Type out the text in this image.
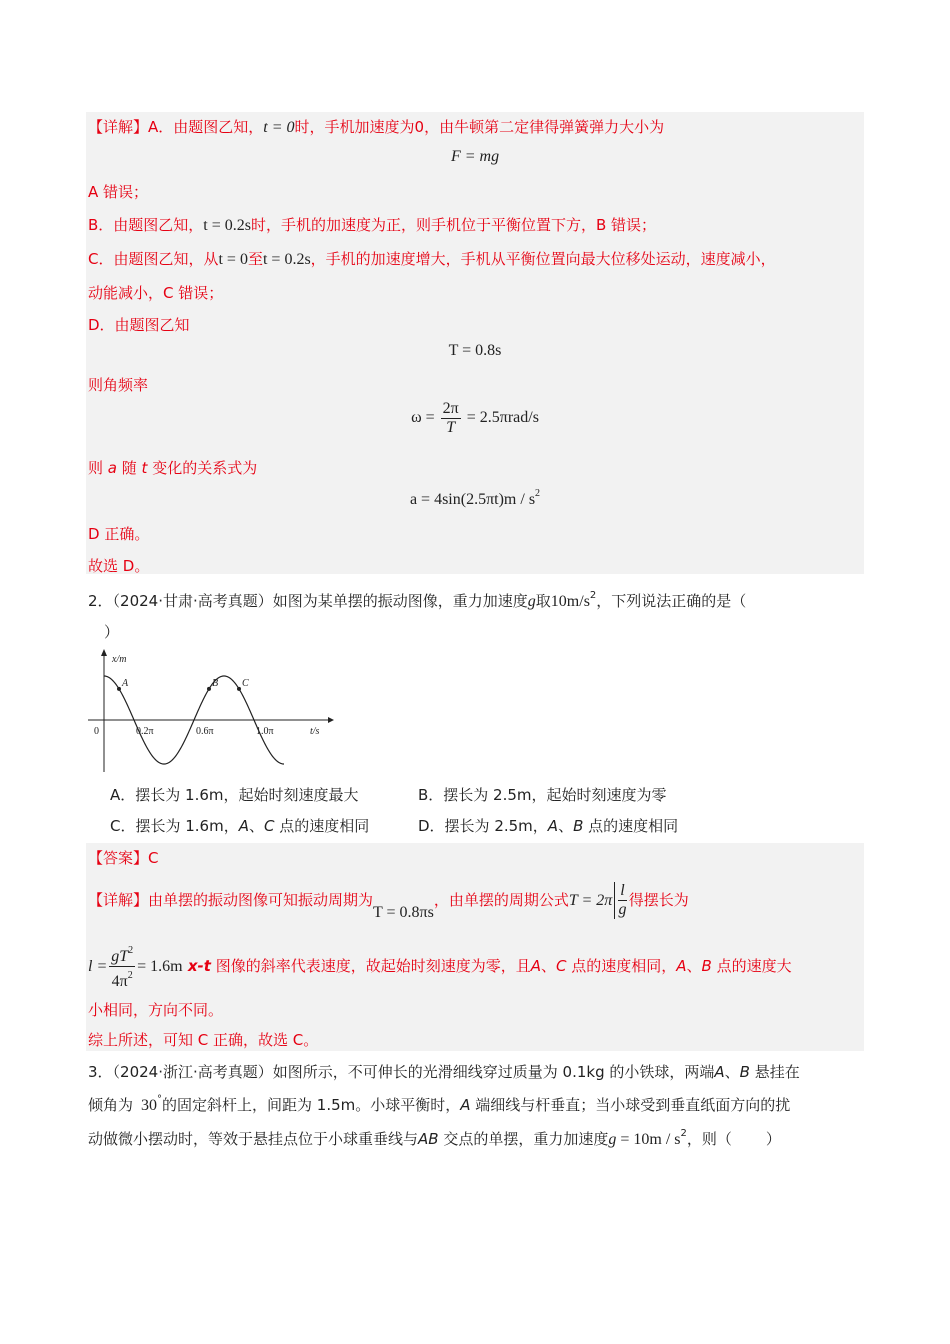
【详解】A．由题图乙知，t = 0时，手机加速度为0，由牛顿第二定律得弹簧弹力大小为
F = mg
A 错误；
B．由题图乙知，t = 0.2s时，手机的加速度为正，则手机位于平衡位置下方，B 错误；
C．由题图乙知，从t = 0至t = 0.2s，手机的加速度增大，手机从平衡位置向最大位移处运动，速度减小，
动能减小，C 错误；
D．由题图乙知
T = 0.8s
则角频率
$\omega = \frac{2\pi}{T} = 2.5\pi rad/s$
则 a 随 t 变化的关系式为
$a = 4\sin(2.5\pi t)m / s^2$
D 正确。
故选 D。
2．（2024·甘肃·高考真题）如图为某单摆的振动图像，重力加速度g取$10m/s^2$，下列说法正确的是（
）
x/m
t/s
0	0.2π	0.6π	1.0π
A	B C
A．摆长为 1.6m，起始时刻速度最大	B．摆长为 2.5m，起始时刻速度为零
C．摆长为 1.6m，A、C 点的速度相同	D．摆长为 2.5m，A、B 点的速度相同
【答案】C
【详解】由单摆的振动图像可知振动周期为T = 0.8πs，由单摆的周期公式$T = 2\pi \frac{l}{g}$ 得摆长为
$l = \frac{gT^2}{4\pi^2} = 1.6m$ x-t 图像的斜率代表速度，故起始时刻速度为零，且A、C 点的速度相同，A、B 点的速度大
小相同，方向不同。
综上所述，可知 C 正确，故选 C。
3．（2024·浙江·高考真题）如图所示，不可伸长的光滑细线穿过质量为 0.1kg 的小铁球，两端A、B 悬挂在
倾角为 30°的固定斜杆上，间距为 1.5m。小球平衡时，A 端细线与杆垂直；当小球受到垂直纸面方向的扰
动做微小摆动时，等效于悬挂点位于小球重垂线与AB 交点的单摆，重力加速度$g = 10m / s^2$，则（ ）
